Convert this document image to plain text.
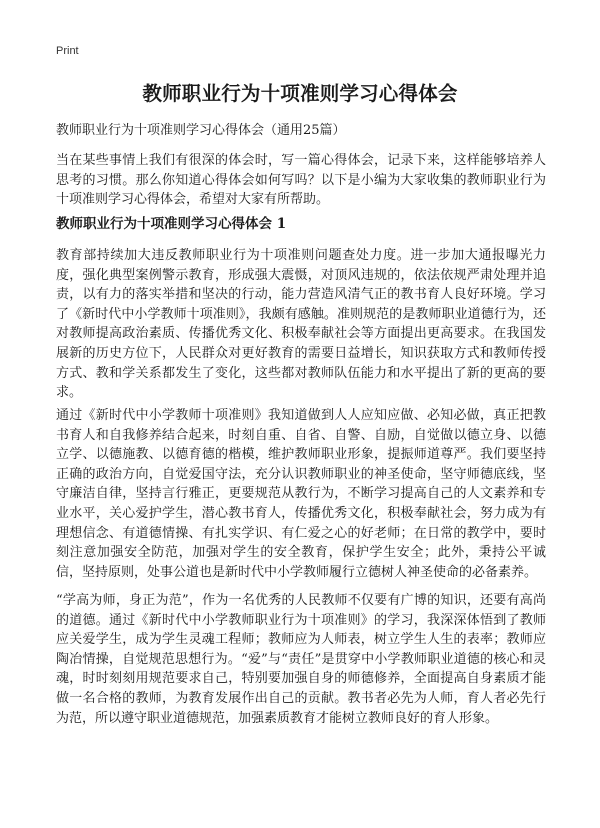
Print
教师职业行为十项准则学习心得体会
教师职业行为十项准则学习心得体会（通用25篇）
当在某些事情上我们有很深的体会时，写一篇心得体会，记录下来，这样能够培养人思考的习惯。那么你知道心得体会如何写吗？以下是小编为大家收集的教师职业行为十项准则学习心得体会，希望对大家有所帮助。
教师职业行为十项准则学习心得体会 1
教育部持续加大违反教师职业行为十项准则问题查处力度。进一步加大通报曝光力度，强化典型案例警示教育，形成强大震慑，对顶风违规的，依法依规严肃处理并追责，以有力的落实举措和坚决的行动，能力营造风清气正的教书育人良好环境。学习了《新时代中小学教师十项准则》，我颇有感触。准则规范的是教师职业道德行为，还对教师提高政治素质、传播优秀文化、积极奉献社会等方面提出更高要求。在我国发展新的历史方位下，人民群众对更好教育的需要日益增长，知识获取方式和教师传授方式、教和学关系都发生了变化，这些都对教师队伍能力和水平提出了新的更高的要求。
通过《新时代中小学教师十项准则》我知道做到人人应知应做、必知必做，真正把教书育人和自我修养结合起来，时刻自重、自省、自警、自励，自觉做以德立身、以德立学、以德施教、以德育德的楷模，维护教师职业形象，提振师道尊严。我们要坚持正确的政治方向，自觉爱国守法，充分认识教师职业的神圣使命，坚守师德底线，坚守廉洁自律，坚持言行雅正，更要规范从教行为，不断学习提高自己的人文素养和专业水平，关心爱护学生，潜心教书育人，传播优秀文化，积极奉献社会，努力成为有理想信念、有道德情操、有扎实学识、有仁爱之心的好老师；在日常的教学中，要时刻注意加强安全防范，加强对学生的安全教育，保护学生安全；此外，秉持公平诚信，坚持原则，处事公道也是新时代中小学教师履行立德树人神圣使命的必备素养。
“学高为师，身正为范”，作为一名优秀的人民教师不仅要有广博的知识，还要有高尚的道德。通过《新时代中小学教师职业行为十项准则》的学习，我深深体悟到了教师应关爱学生，成为学生灵魂工程师；教师应为人师表，树立学生人生的表率；教师应陶冶情操，自觉规范思想行为。“爱”与“责任”是贯穿中小学教师职业道德的核心和灵魂，时时刻刻用规范要求自己，特别要加强自身的师德修养，全面提高自身素质才能做一名合格的教师，为教育发展作出自己的贡献。教书者必先为人师，育人者必先行为范，所以遵守职业道德规范，加强素质教育才能树立教师良好的育人形象。
